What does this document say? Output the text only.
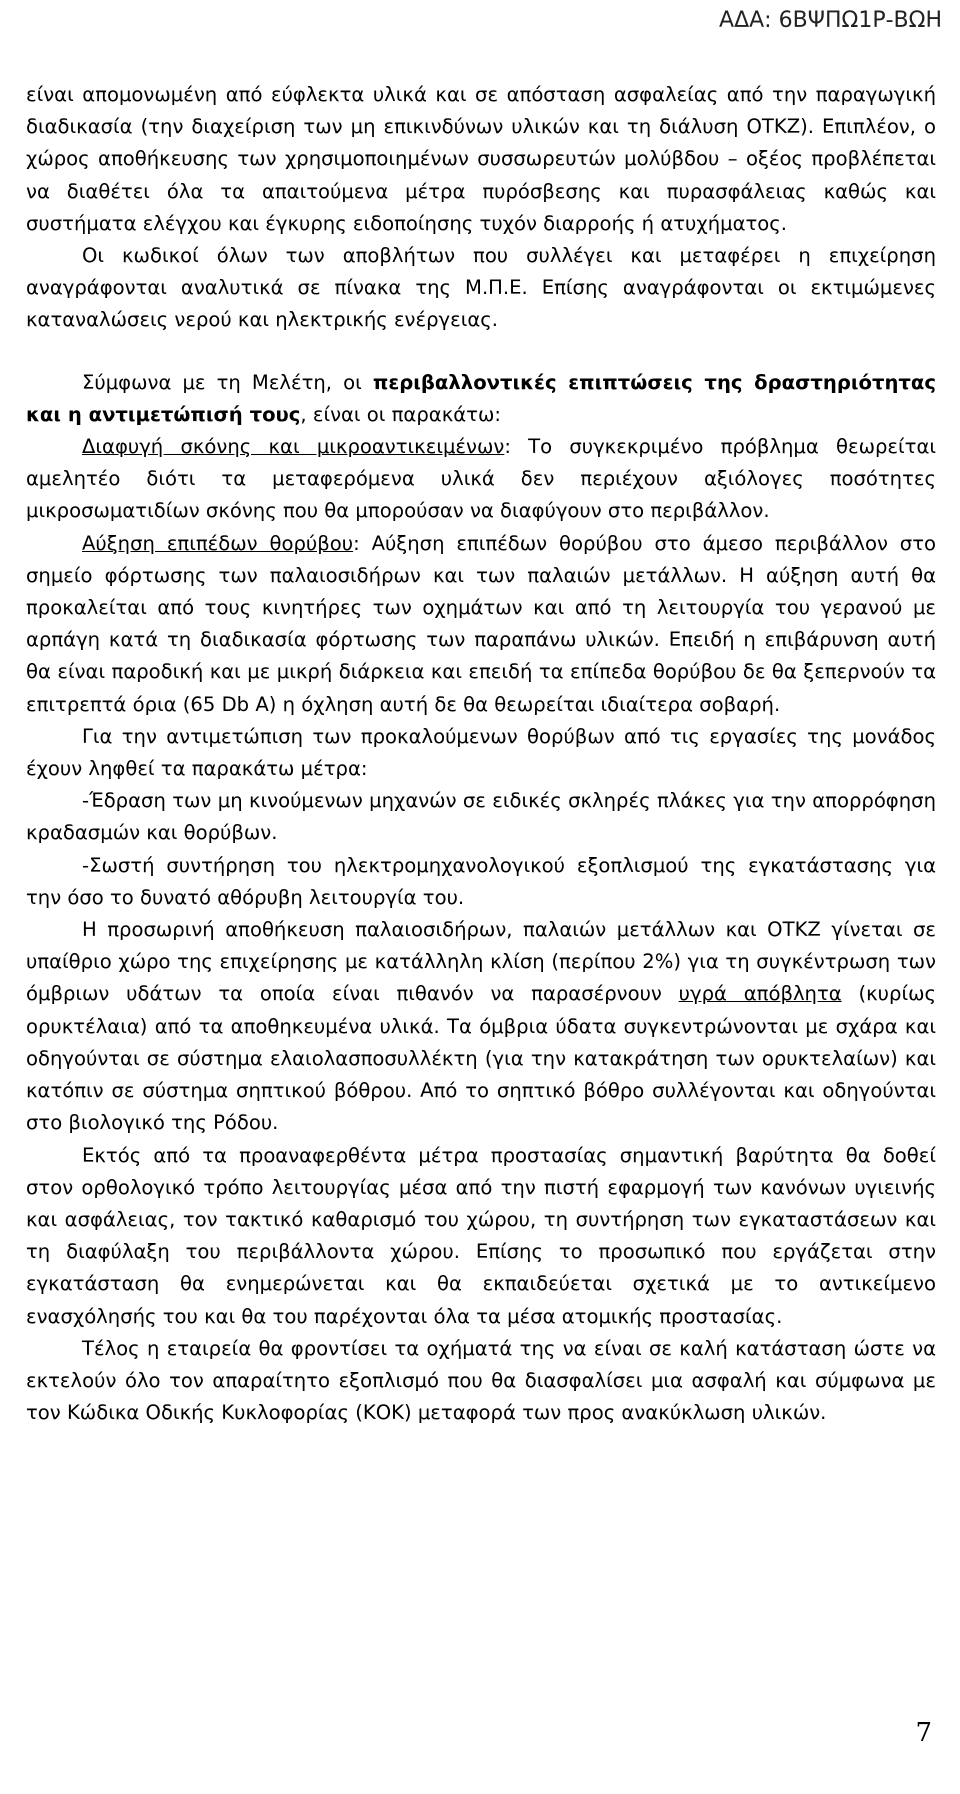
ΑΔΑ: 6ΒΨΠΩ1Ρ-ΒΩΗ

είναι απομονωμένη από εύφλεκτα υλικά και σε απόσταση ασφαλείας από την παραγωγική διαδικασία (την διαχείριση των μη επικινδύνων υλικών και τη διάλυση ΟΤΚΖ). Επιπλέον, ο χώρος αποθήκευσης των χρησιμοποιημένων συσσωρευτών μολύβδου – οξέος προβλέπεται να διαθέτει όλα τα απαιτούμενα μέτρα πυρόσβεσης και πυρασφάλειας καθώς και συστήματα ελέγχου και έγκυρης ειδοποίησης τυχόν διαρροής ή ατυχήματος.

Οι κωδικοί όλων των αποβλήτων που συλλέγει και μεταφέρει η επιχείρηση αναγράφονται αναλυτικά σε πίνακα της Μ.Π.Ε. Επίσης αναγράφονται οι εκτιμώμενες καταναλώσεις νερού και ηλεκτρικής ενέργειας.

Σύμφωνα με τη Μελέτη, οι περιβαλλοντικές επιπτώσεις της δραστηριότητας και η αντιμετώπισή τους, είναι οι παρακάτω:

Διαφυγή σκόνης και μικροαντικειμένων: Το συγκεκριμένο πρόβλημα θεωρείται αμελητέο διότι τα μεταφερόμενα υλικά δεν περιέχουν αξιόλογες ποσότητες μικροσωματιδίων σκόνης που θα μπορούσαν να διαφύγουν στο περιβάλλον.

Αύξηση επιπέδων θορύβου: Αύξηση επιπέδων θορύβου στο άμεσο περιβάλλον στο σημείο φόρτωσης των παλαιοσιδήρων και των παλαιών μετάλλων. Η αύξηση αυτή θα προκαλείται από τους κινητήρες των οχημάτων και από τη λειτουργία του γερανού με αρπάγη κατά τη διαδικασία φόρτωσης των παραπάνω υλικών. Επειδή η επιβάρυνση αυτή θα είναι παροδική και με μικρή διάρκεια και επειδή τα επίπεδα θορύβου δε θα ξεπερνούν τα επιτρεπτά όρια (65 Db A) η όχληση αυτή δε θα θεωρείται ιδιαίτερα σοβαρή.

Για την αντιμετώπιση των προκαλούμενων θορύβων από τις εργασίες της μονάδος έχουν ληφθεί τα παρακάτω μέτρα:

-Έδραση των μη κινούμενων μηχανών σε ειδικές σκληρές πλάκες για την απορρόφηση κραδασμών και θορύβων.

-Σωστή συντήρηση του ηλεκτρομηχανολογικού εξοπλισμού της εγκατάστασης για την όσο το δυνατό αθόρυβη λειτουργία του.

Η προσωρινή αποθήκευση παλαιοσιδήρων, παλαιών μετάλλων και ΟΤΚΖ γίνεται σε υπαίθριο χώρο της επιχείρησης με κατάλληλη κλίση (περίπου 2%) για τη συγκέντρωση των όμβριων υδάτων τα οποία είναι πιθανόν να παρασέρνουν υγρά απόβλητα (κυρίως ορυκτέλαια) από τα αποθηκευμένα υλικά. Τα όμβρια ύδατα συγκεντρώνονται με σχάρα και οδηγούνται σε σύστημα ελαιολασποσυλλέκτη (για την κατακράτηση των ορυκτελαίων) και κατόπιν σε σύστημα σηπτικού βόθρου. Από το σηπτικό βόθρο συλλέγονται και οδηγούνται στο βιολογικό της Ρόδου.

Εκτός από τα προαναφερθέντα μέτρα προστασίας σημαντική βαρύτητα θα δοθεί στον ορθολογικό τρόπο λειτουργίας μέσα από την πιστή εφαρμογή των κανόνων υγιεινής και ασφάλειας, τον τακτικό καθαρισμό του χώρου, τη συντήρηση των εγκαταστάσεων και τη διαφύλαξη του περιβάλλοντα χώρου. Επίσης το προσωπικό που εργάζεται στην εγκατάσταση θα ενημερώνεται και θα εκπαιδεύεται σχετικά με το αντικείμενο ενασχόλησής του και θα του παρέχονται όλα τα μέσα ατομικής προστασίας.

Τέλος η εταιρεία θα φροντίσει τα οχήματά της να είναι σε καλή κατάσταση ώστε να εκτελούν όλο τον απαραίτητο εξοπλισμό που θα διασφαλίσει μια ασφαλή και σύμφωνα με τον Κώδικα Οδικής Κυκλοφορίας (ΚΟΚ) μεταφορά των προς ανακύκλωση υλικών.

7
